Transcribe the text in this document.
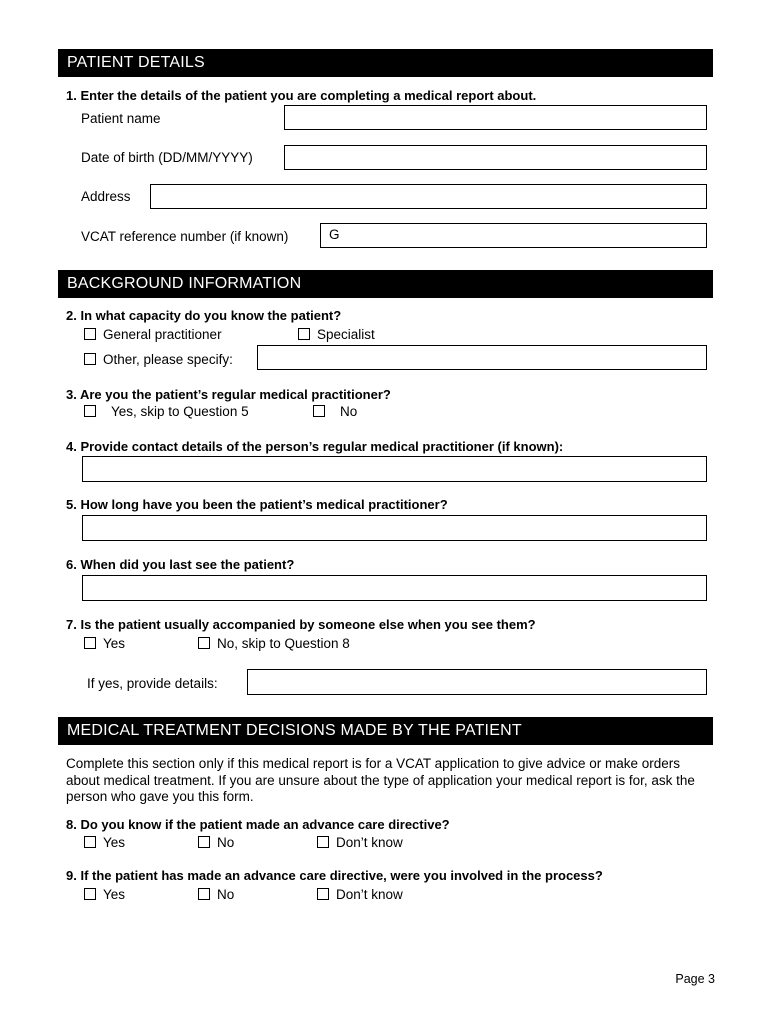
PATIENT DETAILS
1. Enter the details of the patient you are completing a medical report about.
Patient name
Date of birth (DD/MM/YYYY)
Address
VCAT reference number (if known)	G
BACKGROUND INFORMATION
2. In what capacity do you know the patient?
General practitioner	Specialist
Other, please specify:
3. Are you the patient’s regular medical practitioner?
Yes, skip to Question 5	No
4. Provide contact details of the person’s regular medical practitioner (if known):
5. How long have you been the patient’s medical practitioner?
6. When did you last see the patient?
7. Is the patient usually accompanied by someone else when you see them?
Yes	No, skip to Question 8
If yes, provide details:
MEDICAL TREATMENT DECISIONS MADE BY THE PATIENT
Complete this section only if this medical report is for a VCAT application to give advice or make orders about medical treatment. If you are unsure about the type of application your medical report is for, ask the person who gave you this form.
8. Do you know if the patient made an advance care directive?
Yes	No	Don’t know
9. If the patient has made an advance care directive, were you involved in the process?
Yes	No	Don’t know
Page 3
